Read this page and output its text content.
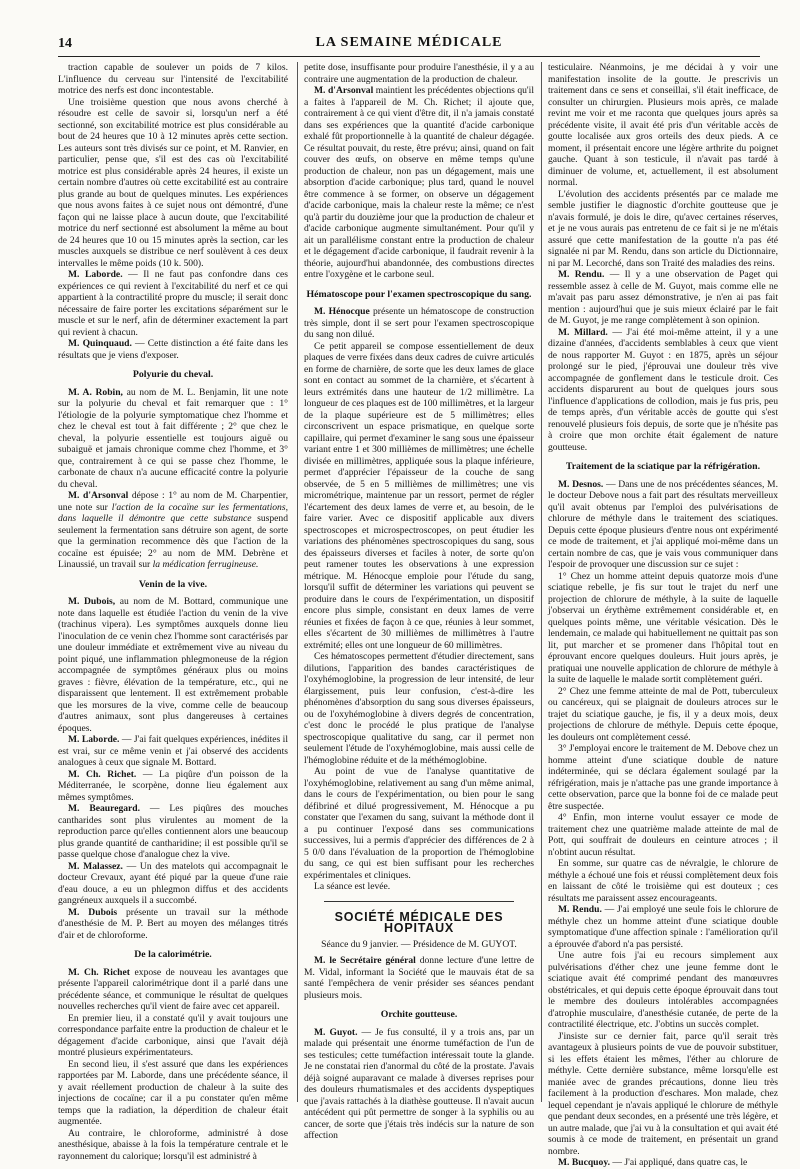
14	LA SEMAINE MÉDICALE

traction capable de soulever un poids de 7 kilos. L'influence du cerveau sur l'intensité de l'excitabilité motrice des nerfs est donc incontestable.

Une troisième question que nous avons cherché à résoudre est celle de savoir si, lorsqu'un nerf a été sectionné, son excitabilité motrice est plus considérable au bout de 24 heures que 10 à 12 minutes après cette section. Les auteurs sont très divisés sur ce point, et M. Ranvier, en particulier, pense que, s'il est des cas où l'excitabilité motrice est plus considérable après 24 heures, il existe un certain nombre d'autres où cette excitabilité est au contraire plus grande au bout de quelques minutes. Les expériences que nous avons faites à ce sujet nous ont démontré, d'une façon qui ne laisse place à aucun doute, que l'excitabilité motrice du nerf sectionné est absolument la même au bout de 24 heures que 10 ou 15 minutes après la section, car les muscles auxquels se distribue ce nerf soulèvent à ces deux intervalles le même poids (10 k. 500).

M. Laborde. — Il ne faut pas confondre dans ces expériences ce qui revient à l'excitabilité du nerf et ce qui appartient à la contractilité propre du muscle; il serait donc nécessaire de faire porter les excitations séparément sur le muscle et sur le nerf, afin de déterminer exactement la part qui revient à chacun.

M. Quinquaud. — Cette distinction a été faite dans les résultats que je viens d'exposer.

Polyurie du cheval.

M. A. Robin, au nom de M. L. Benjamin, lit une note sur la polyurie du cheval et fait remarquer que : 1° l'étiologie de la polyurie symptomatique chez l'homme et chez le cheval est tout à fait différente ; 2° que chez le cheval, la polyurie essentielle est toujours aiguë ou subaiguë et jamais chronique comme chez l'homme, et 3° que, contrairement à ce qui se passe chez l'homme, le carbonate de chaux n'a aucune efficacité contre la polyurie du cheval.

M. d'Arsonval dépose : 1° au nom de M. Charpentier, une note sur l'action de la cocaïne sur les fermentations, dans laquelle il démontre que cette substance suspend seulement la fermentation sans détruire son agent, de sorte que la germination recommence dès que l'action de la cocaïne est épuisée; 2° au nom de MM. Debrène et Linaussié, un travail sur la médication ferrugineuse.

Venin de la vive.

M. Dubois, au nom de M. Bottard, communique une note dans laquelle est étudiée l'action du venin de la vive (trachinus vipera). Les symptômes auxquels donne lieu l'inoculation de ce venin chez l'homme sont caractérisés par une douleur immédiate et extrêmement vive au niveau du point piqué, une inflammation phlegmoneuse de la région accompagnée de symptômes généraux plus ou moins graves : fièvre, élévation de la température, etc., qui ne disparaissent que lentement. Il est extrêmement probable que les morsures de la vive, comme celle de beaucoup d'autres animaux, sont plus dangereuses à certaines époques.

M. Laborde. — J'ai fait quelques expériences, inédites il est vrai, sur ce même venin et j'ai observé des accidents analogues à ceux que signale M. Bottard.

M. Ch. Richet. — La piqûre d'un poisson de la Méditerranée, le scorpène, donne lieu également aux mêmes symptômes.

M. Beauregard. — Les piqûres des mouches cantharides sont plus virulentes au moment de la reproduction parce qu'elles contiennent alors une beaucoup plus grande quantité de cantharidine; il est possible qu'il se passe quelque chose d'analogue chez la vive.

M. Malassez. — Un des matelots qui accompagnait le docteur Crevaux, ayant été piqué par la queue d'une raie d'eau douce, a eu un phlegmon diffus et des accidents gangréneux auxquels il a succombé.

M. Dubois présente un travail sur la méthode d'anesthésie de M. P. Bert au moyen des mélanges titrés d'air et de chloroforme.

De la calorimétrie.

M. Ch. Richet expose de nouveau les avantages que présente l'appareil calorimétrique dont il a parlé dans une précédente séance, et communique le résultat de quelques nouvelles recherches qu'il vient de faire avec cet appareil.

En premier lieu, il a constaté qu'il y avait toujours une correspondance parfaite entre la production de chaleur et le dégagement d'acide carbonique, ainsi que l'avait déjà montré plusieurs expérimentateurs.

En second lieu, il s'est assuré que dans les expériences rapportées par M. Laborde, dans une précédente séance, il y avait réellement production de chaleur à la suite des injections de cocaïne; car il a pu constater qu'en même temps que la radiation, la déperdition de chaleur était augmentée.

Au contraire, le chloroforme, administré à dose anesthésique, abaisse à la fois la température centrale et le rayonnement du calorique; lorsqu'il est administré à

petite dose, insuffisante pour produire l'anesthésie, il y a au contraire une augmentation de la production de chaleur.

M. d'Arsonval maintient les précédentes objections qu'il a faites à l'appareil de M. Ch. Richet; il ajoute que, contrairement à ce qui vient d'être dit, il n'a jamais constaté dans ses expériences que la quantité d'acide carbonique exhalé fût proportionnelle à la quantité de chaleur dégagée. Ce résultat pouvait, du reste, être prévu; ainsi, quand on fait couver des œufs, on observe en même temps qu'une production de chaleur, non pas un dégagement, mais une absorption d'acide carbonique; plus tard, quand le nouvel être commence à se former, on observe un dégagement d'acide carbonique, mais la chaleur reste la même; ce n'est qu'à partir du douzième jour que la production de chaleur et d'acide carbonique augmente simultanément. Pour qu'il y ait un parallélisme constant entre la production de chaleur et le dégagement d'acide carbonique, il faudrait revenir à la théorie, aujourd'hui abandonnée, des combustions directes entre l'oxygène et le carbone seul.

Hématoscope pour l'examen spectroscopique du sang.

M. Hénocque présente un hématoscope de construction très simple, dont il se sert pour l'examen spectroscopique du sang non dilué.

Ce petit appareil se compose essentiellement de deux plaques de verre fixées dans deux cadres de cuivre articulés en forme de charnière, de sorte que les deux lames de glace sont en contact au sommet de la charnière, et s'écartent à leurs extrémités dans une hauteur de 1/2 millimètre. La longueur de ces plaques est de 100 millimètres, et la largeur de la plaque supérieure est de 5 millimètres; elles circonscrivent un espace prismatique, en quelque sorte capillaire, qui permet d'examiner le sang sous une épaisseur variant entre 1 et 300 millièmes de millimètres; une échelle divisée en millimètres, appliquée sous la plaque inférieure, permet d'apprécier l'épaisseur de la couche de sang observée, de 5 en 5 millièmes de millimètres; une vis micrométrique, maintenue par un ressort, permet de régler l'écartement des deux lames de verre et, au besoin, de le faire varier. Avec ce dispositif applicable aux divers spectroscopes et microspectroscopes, on peut étudier les variations des phénomènes spectroscopiques du sang, sous des épaisseurs diverses et faciles à noter, de sorte qu'on peut ramener toutes les observations à une expression métrique. M. Hénocque emploie pour l'étude du sang, lorsqu'il suffit de déterminer les variations qui peuvent se produire dans le cours de l'expérimentation, un dispositif encore plus simple, consistant en deux lames de verre réunies et fixées de façon à ce que, réunies à leur sommet, elles s'écartent de 30 millièmes de millimètres à l'autre extrémité; elles ont une longueur de 60 millimètres.

Ces hématoscopes permettent d'étudier directement, sans dilutions, l'apparition des bandes caractéristiques de l'oxyhémoglobine, la progression de leur intensité, de leur élargissement, puis leur confusion, c'est-à-dire les phénomènes d'absorption du sang sous diverses épaisseurs, ou de l'oxyhémoglobine à divers degrés de concentration, c'est donc le procédé le plus pratique de l'analyse spectroscopique qualitative du sang, car il permet non seulement l'étude de l'oxyhémoglobine, mais aussi celle de l'hémoglobine réduite et de la méthémoglobine.

Au point de vue de l'analyse quantitative de l'oxyhémoglobine, relativement au sang d'un même animal, dans le cours de l'expérimentation, ou bien pour le sang défibriné et dilué progressivement, M. Hénocque a pu constater que l'examen du sang, suivant la méthode dont il a pu continuer l'exposé dans ses communications successives, lui a permis d'apprécier des différences de 2 à 5 0/0 dans l'évaluation de la proportion de l'hémoglobine du sang, ce qui est bien suffisant pour les recherches expérimentales et cliniques.

La séance est levée.

SOCIÉTÉ MÉDICALE DES HOPITAUX
Séance du 9 janvier. — Présidence de M. GUYOT.

M. le Secrétaire général donne lecture d'une lettre de M. Vidal, informant la Société que le mauvais état de sa santé l'empêchera de venir présider ses séances pendant plusieurs mois.

Orchite goutteuse.

M. Guyot. — Je fus consulté, il y a trois ans, par un malade qui présentait une énorme tuméfaction de l'un de ses testicules; cette tuméfaction intéressait toute la glande. Je ne constatai rien d'anormal du côté de la prostate. J'avais déjà soigné auparavant ce malade à diverses reprises pour des douleurs rhumatismales et des accidents dyspeptiques que j'avais rattachés à la diathèse goutteuse. Il n'avait aucun antécédent qui pût permettre de songer à la syphilis ou au cancer, de sorte que j'étais très indécis sur la nature de son affection

testiculaire. Néanmoins, je me décidai à y voir une manifestation insolite de la goutte. Je prescrivis un traitement dans ce sens et conseillai, s'il était inefficace, de consulter un chirurgien. Plusieurs mois après, ce malade revint me voir et me raconta que quelques jours après sa précédente visite, il avait été pris d'un véritable accès de goutte localisée aux gros orteils des deux pieds. A ce moment, il présentait encore une légère arthrite du poignet gauche. Quant à son testicule, il n'avait pas tardé à diminuer de volume, et, actuellement, il est absolument normal.

L'évolution des accidents présentés par ce malade me semble justifier le diagnostic d'orchite goutteuse que je n'avais formulé, je dois le dire, qu'avec certaines réserves, et je ne vous aurais pas entretenu de ce fait si je ne m'étais assuré que cette manifestation de la goutte n'a pas été signalée ni par M. Rendu, dans son article du Dictionnaire, ni par M. Lecorché, dans son Traité des maladies des reins.

M. Rendu. — Il y a une observation de Paget qui ressemble assez à celle de M. Guyot, mais comme elle ne m'avait pas paru assez démonstrative, je n'en ai pas fait mention : aujourd'hui que je suis mieux éclairé par le fait de M. Guyot, je me range complètement à son opinion.

M. Millard. — J'ai été moi-même atteint, il y a une dizaine d'années, d'accidents semblables à ceux que vient de nous rapporter M. Guyot : en 1875, après un séjour prolongé sur le pied, j'éprouvai une douleur très vive accompagnée de gonflement dans le testicule droit. Ces accidents disparurent au bout de quelques jours sous l'influence d'applications de collodion, mais je fus pris, peu de temps après, d'un véritable accès de goutte qui s'est renouvelé plusieurs fois depuis, de sorte que je n'hésite pas à croire que mon orchite était également de nature goutteuse.

Traitement de la sciatique par la réfrigération.

M. Desnos. — Dans une de nos précédentes séances, M. le docteur Debove nous a fait part des résultats merveilleux qu'il avait obtenus par l'emploi des pulvérisations de chlorure de méthyle dans le traitement des sciatiques. Depuis cette époque plusieurs d'entre nous ont expérimenté ce mode de traitement, et j'ai appliqué moi-même dans un certain nombre de cas, que je vais vous communiquer dans l'espoir de provoquer une discussion sur ce sujet :

1° Chez un homme atteint depuis quatorze mois d'une sciatique rebelle, je fis sur tout le trajet du nerf une projection de chlorure de méthyle, à la suite de laquelle j'observai un érythème extrêmement considérable et, en quelques points même, une véritable vésication. Dès le lendemain, ce malade qui habituellement ne quittait pas son lit, put marcher et se promener dans l'hôpital tout en éprouvant encore quelques douleurs. Huit jours après, je pratiquai une nouvelle application de chlorure de méthyle à la suite de laquelle le malade sortit complètement guéri.

2° Chez une femme atteinte de mal de Pott, tuberculeux ou cancéreux, qui se plaignait de douleurs atroces sur le trajet du sciatique gauche, je fis, il y a deux mois, deux projections de chlorure de méthyle. Depuis cette époque, les douleurs ont complètement cessé.

3° J'employai encore le traitement de M. Debove chez un homme atteint d'une sciatique double de nature indéterminée, qui se déclara également soulagé par la réfrigération, mais je n'attache pas une grande importance à cette observation, parce que la bonne foi de ce malade peut être suspectée.

4° Enfin, mon interne voulut essayer ce mode de traitement chez une quatrième malade atteinte de mal de Pott, qui souffrait de douleurs en ceinture atroces ; il n'obtint aucun résultat.

En somme, sur quatre cas de névralgie, le chlorure de méthyle a échoué une fois et réussi complètement deux fois en laissant de côté le troisième qui est douteux ; ces résultats me paraissent assez encourageants.

M. Rendu. — J'ai employé une seule fois le chlorure de méthyle chez un homme atteint d'une sciatique double symptomatique d'une affection spinale : l'amélioration qu'il a éprouvée d'abord n'a pas persisté.

Une autre fois j'ai eu recours simplement aux pulvérisations d'éther chez une jeune femme dont le sciatique avait été comprimé pendant des manœuvres obstétricales, et qui depuis cette époque éprouvait dans tout le membre des douleurs intolérables accompagnées d'atrophie musculaire, d'anesthésie cutanée, de perte de la contractilité électrique, etc. J'obtins un succès complet.

J'insiste sur ce dernier fait, parce qu'il serait très avantageux à plusieurs points de vue de pouvoir substituer, si les effets étaient les mêmes, l'éther au chlorure de méthyle. Cette dernière substance, même lorsqu'elle est maniée avec de grandes précautions, donne lieu très facilement à la production d'eschares. Mon malade, chez lequel cependant je n'avais appliqué le chlorure de méthyle que pendant deux secondes, en a présenté une très légère, et un autre malade, que j'ai vu à la consultation et qui avait été soumis à ce mode de traitement, en présentait un grand nombre.

M. Bucquoy. — J'ai appliqué, dans quatre cas, le
